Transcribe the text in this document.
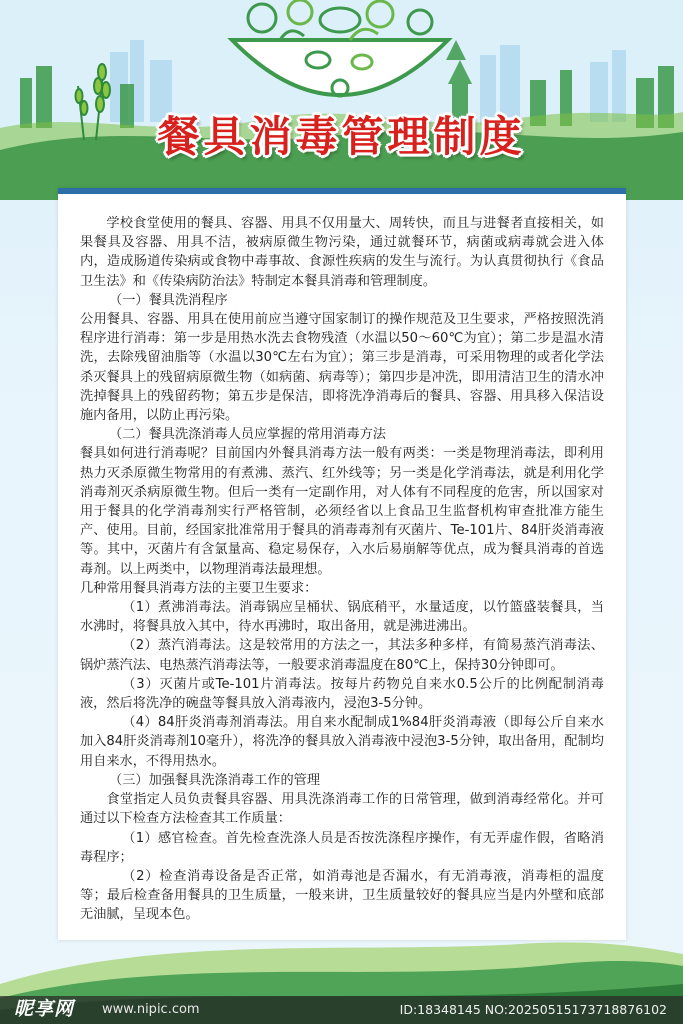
餐具消毒管理制度

学校食堂使用的餐具、容器、用具不仅用量大、周转快，而且与进餐者直接相关，如果餐具及容器、用具不洁，被病原微生物污染，通过就餐环节，病菌或病毒就会进入体内，造成肠道传染病或食物中毒事故、食源性疾病的发生与流行。为认真贯彻执行《食品卫生法》和《传染病防治法》特制定本餐具消毒和管理制度。

（一）餐具洗消程序

公用餐具、容器、用具在使用前应当遵守国家制订的操作规范及卫生要求，严格按照洗消程序进行消毒：第一步是用热水洗去食物残渣（水温以50～60℃为宜）；第二步是温水清洗，去除残留油脂等（水温以30℃左右为宜）；第三步是消毒，可采用物理的或者化学法杀灭餐具上的残留病原微生物（如病菌、病毒等）；第四步是冲洗，即用清洁卫生的清水冲洗掉餐具上的残留药物；第五步是保洁，即将洗净消毒后的餐具、容器、用具移入保洁设施内备用，以防止再污染。

（二）餐具洗涤消毒人员应掌握的常用消毒方法

餐具如何进行消毒呢？目前国内外餐具消毒方法一般有两类：一类是物理消毒法，即利用热力灭杀原微生物常用的有煮沸、蒸汽、红外线等；另一类是化学消毒法，就是利用化学消毒剂灭杀病原微生物。但后一类有一定副作用，对人体有不同程度的危害，所以国家对用于餐具的化学消毒剂实行严格管制，必须经省以上食品卫生监督机构审查批准方能生产、使用。目前，经国家批准常用于餐具的消毒毒剂有灭菌片、Te-101片、84肝炎消毒液等。其中，灭菌片有含氯量高、稳定易保存，入水后易崩解等优点，成为餐具消毒的首选毒剂。以上两类中，以物理消毒法最理想。

几种常用餐具消毒方法的主要卫生要求：

（1）煮沸消毒法。消毒锅应呈桶状、锅底稍平，水量适度，以竹篮盛装餐具，当水沸时，将餐具放入其中，待水再沸时，取出备用，就是沸进沸出。

（2）蒸汽消毒法。这是较常用的方法之一，其法多种多样，有简易蒸汽消毒法、锅炉蒸汽法、电热蒸汽消毒法等，一般要求消毒温度在80℃上，保持30分钟即可。

（3）灭菌片或Te-101片消毒法。按每片药物兑自来水0.5公斤的比例配制消毒液，然后将洗净的碗盘等餐具放入消毒液内，浸泡3-5分钟。

（4）84肝炎消毒剂消毒法。用自来水配制成1%84肝炎消毒液（即每公斤自来水加入84肝炎消毒剂10毫升），将洗净的餐具放入消毒液中浸泡3-5分钟，取出备用，配制均用自来水，不得用热水。

（三）加强餐具洗涤消毒工作的管理

食堂指定人员负责餐具容器、用具洗涤消毒工作的日常管理，做到消毒经常化。并可通过以下检查方法检查其工作质量：

（1）感官检查。首先检查洗涤人员是否按洗涤程序操作，有无弄虚作假，省略消毒程序；

（2）检查消毒设备是否正常，如消毒池是否漏水，有无消毒液，消毒柜的温度等；最后检查备用餐具的卫生质量，一般来讲，卫生质量较好的餐具应当是内外壁和底部无油腻，呈现本色。

昵享网 www.nipic.com	ID:18348145 NO:20250515173718876102
